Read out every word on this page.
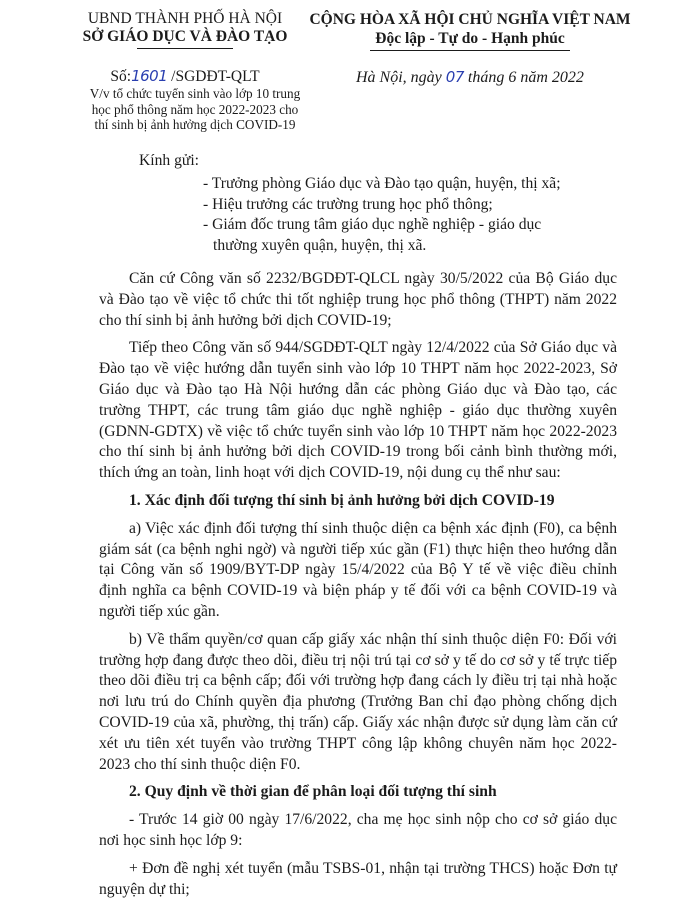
UBND THÀNH PHỐ HÀ NỘI
SỞ GIÁO DỤC VÀ ĐÀO TẠO
CỘNG HÒA XÃ HỘI CHỦ NGHĨA VIỆT NAM
Độc lập - Tự do - Hạnh phúc
Số:1601 /SGDĐT-QLT	Hà Nội, ngày 07 tháng 6 năm 2022
V/v tổ chức tuyển sinh vào lớp 10 trung
học phổ thông năm học 2022-2023 cho
thí sinh bị ảnh hưởng dịch COVID-19

Kính gửi:

- Trưởng phòng Giáo dục và Đào tạo quận, huyện, thị xã;

- Hiệu trưởng các trường trung học phổ thông;

- Giám đốc trung tâm giáo dục nghề nghiệp - giáo dục

thường xuyên quận, huyện, thị xã.

Căn cứ Công văn số 2232/BGDĐT-QLCL ngày 30/5/2022 của Bộ Giáo dục và Đào tạo về việc tổ chức thi tốt nghiệp trung học phổ thông (THPT) năm 2022 cho thí sinh bị ảnh hưởng bởi dịch COVID-19;

Tiếp theo Công văn số 944/SGDĐT-QLT ngày 12/4/2022 của Sở Giáo dục và Đào tạo về việc hướng dẫn tuyển sinh vào lớp 10 THPT năm học 2022-2023, Sở Giáo dục và Đào tạo Hà Nội hướng dẫn các phòng Giáo dục và Đào tạo, các trường THPT, các trung tâm giáo dục nghề nghiệp - giáo dục thường xuyên (GDNN-GDTX) về việc tổ chức tuyển sinh vào lớp 10 THPT năm học 2022-2023 cho thí sinh bị ảnh hưởng bởi dịch COVID-19 trong bối cảnh bình thường mới, thích ứng an toàn, linh hoạt với dịch COVID-19, nội dung cụ thể như sau:

1. Xác định đối tượng thí sinh bị ảnh hưởng bởi dịch COVID-19

a) Việc xác định đối tượng thí sinh thuộc diện ca bệnh xác định (F0), ca bệnh giám sát (ca bệnh nghi ngờ) và người tiếp xúc gần (F1) thực hiện theo hướng dẫn tại Công văn số 1909/BYT-DP ngày 15/4/2022 của Bộ Y tế về việc điều chỉnh định nghĩa ca bệnh COVID-19 và biện pháp y tế đối với ca bệnh COVID-19 và người tiếp xúc gần.

b) Về thẩm quyền/cơ quan cấp giấy xác nhận thí sinh thuộc diện F0: Đối với trường hợp đang được theo dõi, điều trị nội trú tại cơ sở y tế do cơ sở y tế trực tiếp theo dõi điều trị ca bệnh cấp; đối với trường hợp đang cách ly điều trị tại nhà hoặc nơi lưu trú do Chính quyền địa phương (Trưởng Ban chỉ đạo phòng chống dịch COVID-19 của xã, phường, thị trấn) cấp. Giấy xác nhận được sử dụng làm căn cứ xét ưu tiên xét tuyển vào trường THPT công lập không chuyên năm học 2022-2023 cho thí sinh thuộc diện F0.

2. Quy định về thời gian để phân loại đối tượng thí sinh

- Trước 14 giờ 00 ngày 17/6/2022, cha mẹ học sinh nộp cho cơ sở giáo dục nơi học sinh học lớp 9:

+ Đơn đề nghị xét tuyển (mẫu TSBS-01, nhận tại trường THCS) hoặc Đơn tự nguyện dự thi;
